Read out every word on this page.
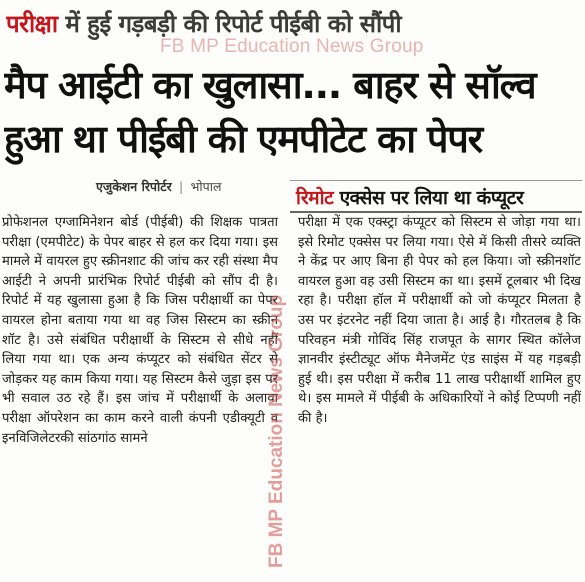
परीक्षा में हुई गड़बड़ी की रिपोर्ट पीईबी को सौंपी
FB MP Education News Group
मैप आईटी का खुलासा... बाहर से सॉल्व
हुआ था पीईबी की एमपीटेट का पेपर
एजुकेशन रिपोर्टर | भोपाल
रिमोट एक्सेस पर लिया था कंप्यूटर

प्रोफेशनल एग्जामिनेशन बोर्ड (पीईबी) की शिक्षक पात्रता परीक्षा (एमपीटेट) के पेपर बाहर से हल कर दिया गया। इस मामले में वायरल हुए स्क्रीनशाट की जांच कर रही संस्था मैप आईटी ने अपनी प्रारंभिक रिपोर्ट पीईबी को सौंप दी है। रिपोर्ट में यह खुलासा हुआ है कि जिस परीक्षार्थी का पेपर वायरल होना बताया गया था वह जिस सिस्टम का स्क्रीन शॉट है। उसे संबंधित परीक्षार्थी के सिस्टम से सीधे नहीं लिया गया था। एक अन्य कंप्यूटर को संबंधित सेंटर से जोड़कर यह काम किया गया। यह सिस्टम कैसे जुड़ा इस पर भी सवाल उठ रहे हैं। इस जांच में परीक्षार्थी के अलावा परीक्षा ऑपरेशन का काम करने वाली कंपनी एडीक्यूटी व इनविजिलेटरकी सांठगांठ सामने

परीक्षा में एक एक्स्ट्रा कंप्यूटर को सिस्टम से जोड़ा गया था। इसे रिमोट एक्सेस पर लिया गया। ऐसे में किसी तीसरे व्यक्ति ने केंद्र पर आए बिना ही पेपर को हल किया। जो स्क्रीनशॉट वायरल हुआ वह उसी सिस्टम का था। इसमें टूलबार भी दिख रहा है। परीक्षा हॉल में परीक्षार्थी को जो कंप्यूटर मिलता है उस पर इंटरनेट नहीं दिया जाता है। आई है। गौरतलब है कि परिवहन मंत्री गोविंद सिंह राजपूत के सागर स्थित कॉलेज ज्ञानवीर इंस्टीट्यूट ऑफ मैनेजमेंट एंड साइंस में यह गड़बड़ी हुई थी। इस परीक्षा में करीब 11 लाख परीक्षार्थी शामिल हुए थे। इस मामले में पीईबी के अधिकारियों ने कोई टिप्पणी नहीं की है।

FB MP Education News Group
